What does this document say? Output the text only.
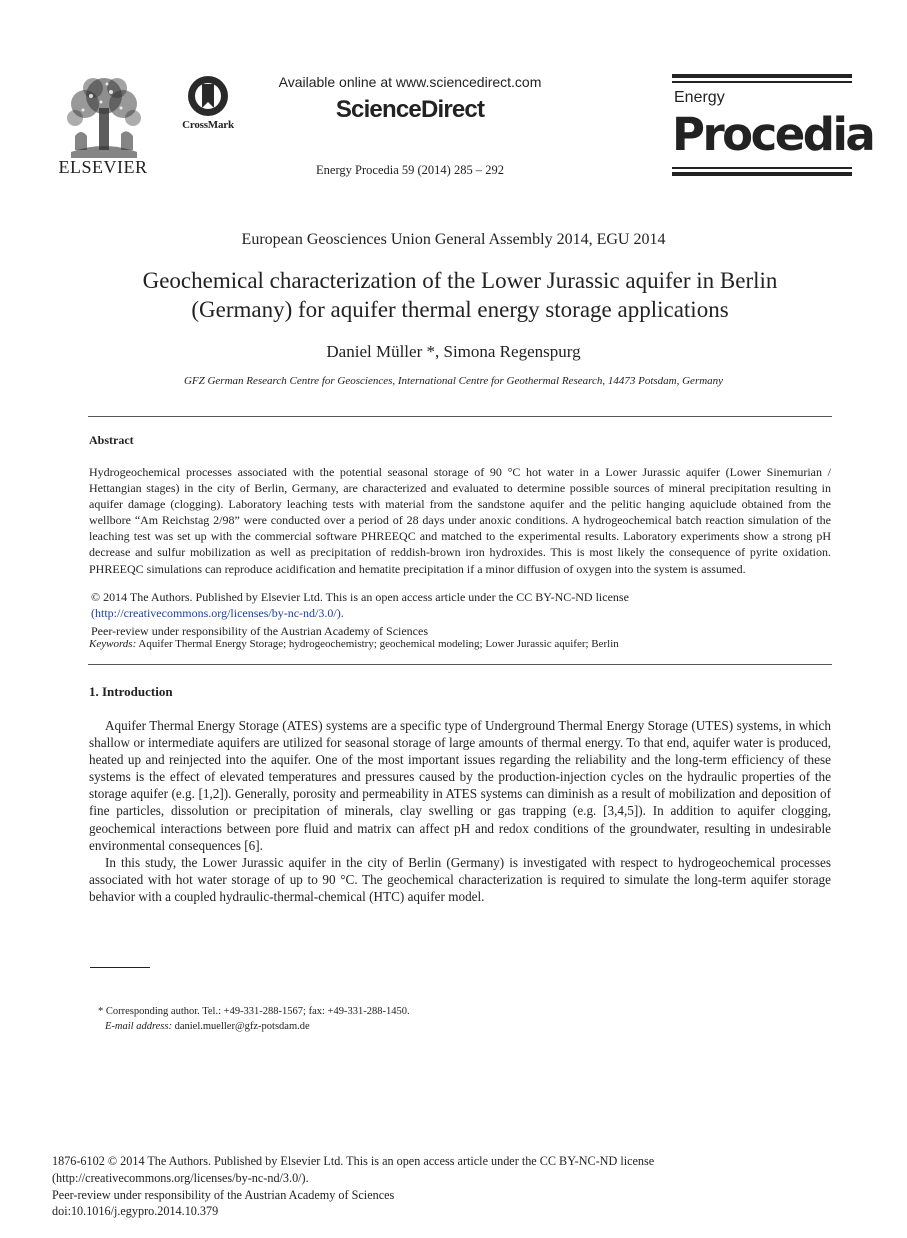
ELSEVIER
CrossMark
Available online at www.sciencedirect.com
ScienceDirect
Energy Procedia 59 (2014) 285 – 292
Energy
Procedia
European Geosciences Union General Assembly 2014, EGU 2014
Geochemical characterization of the Lower Jurassic aquifer in Berlin
(Germany) for aquifer thermal energy storage applications
Daniel Müller *, Simona Regenspurg
GFZ German Research Centre for Geosciences, International Centre for Geothermal Research, 14473 Potsdam, Germany
Abstract
Hydrogeochemical processes associated with the potential seasonal storage of 90 °C hot water in a Lower Jurassic aquifer (Lower Sinemurian / Hettangian stages) in the city of Berlin, Germany, are characterized and evaluated to determine possible sources of mineral precipitation resulting in aquifer damage (clogging). Laboratory leaching tests with material from the sandstone aquifer and the pelitic hanging aquiclude obtained from the wellbore “Am Reichstag 2/98” were conducted over a period of 28 days under anoxic conditions. A hydrogeochemical batch reaction simulation of the leaching test was set up with the commercial software PHREEQC and matched to the experimental results. Laboratory experiments show a strong pH decrease and sulfur mobilization as well as precipitation of reddish-brown iron hydroxides. This is most likely the consequence of pyrite oxidation. PHREEQC simulations can reproduce acidification and hematite precipitation if a minor diffusion of oxygen into the system is assumed.
© 2014 The Authors. Published by Elsevier Ltd. This is an open access article under the CC BY-NC-ND license
(http://creativecommons.org/licenses/by-nc-nd/3.0/).
Peer-review under responsibility of the Austrian Academy of Sciences
Keywords: Aquifer Thermal Energy Storage; hydrogeochemistry; geochemical modeling; Lower Jurassic aquifer; Berlin
1. Introduction

Aquifer Thermal Energy Storage (ATES) systems are a specific type of Underground Thermal Energy Storage (UTES) systems, in which shallow or intermediate aquifers are utilized for seasonal storage of large amounts of thermal energy. To that end, aquifer water is produced, heated up and reinjected into the aquifer. One of the most important issues regarding the reliability and the long-term efficiency of these systems is the effect of elevated temperatures and pressures caused by the production-injection cycles on the hydraulic properties of the storage aquifer (e.g. [1,2]). Generally, porosity and permeability in ATES systems can diminish as a result of mobilization and deposition of fine particles, dissolution or precipitation of minerals, clay swelling or gas trapping (e.g. [3,4,5]). In addition to aquifer clogging, geochemical interactions between pore fluid and matrix can affect pH and redox conditions of the groundwater, resulting in undesirable environmental consequences [6].

In this study, the Lower Jurassic aquifer in the city of Berlin (Germany) is investigated with respect to hydrogeochemical processes associated with hot water storage of up to 90 °C. The geochemical characterization is required to simulate the long-term aquifer storage behavior with a coupled hydraulic-thermal-chemical (HTC) aquifer model.

* Corresponding author. Tel.: +49-331-288-1567; fax: +49-331-288-1450.
E-mail address: daniel.mueller@gfz-potsdam.de
1876-6102 © 2014 The Authors. Published by Elsevier Ltd. This is an open access article under the CC BY-NC-ND license
(http://creativecommons.org/licenses/by-nc-nd/3.0/).
Peer-review under responsibility of the Austrian Academy of Sciences
doi:10.1016/j.egypro.2014.10.379
